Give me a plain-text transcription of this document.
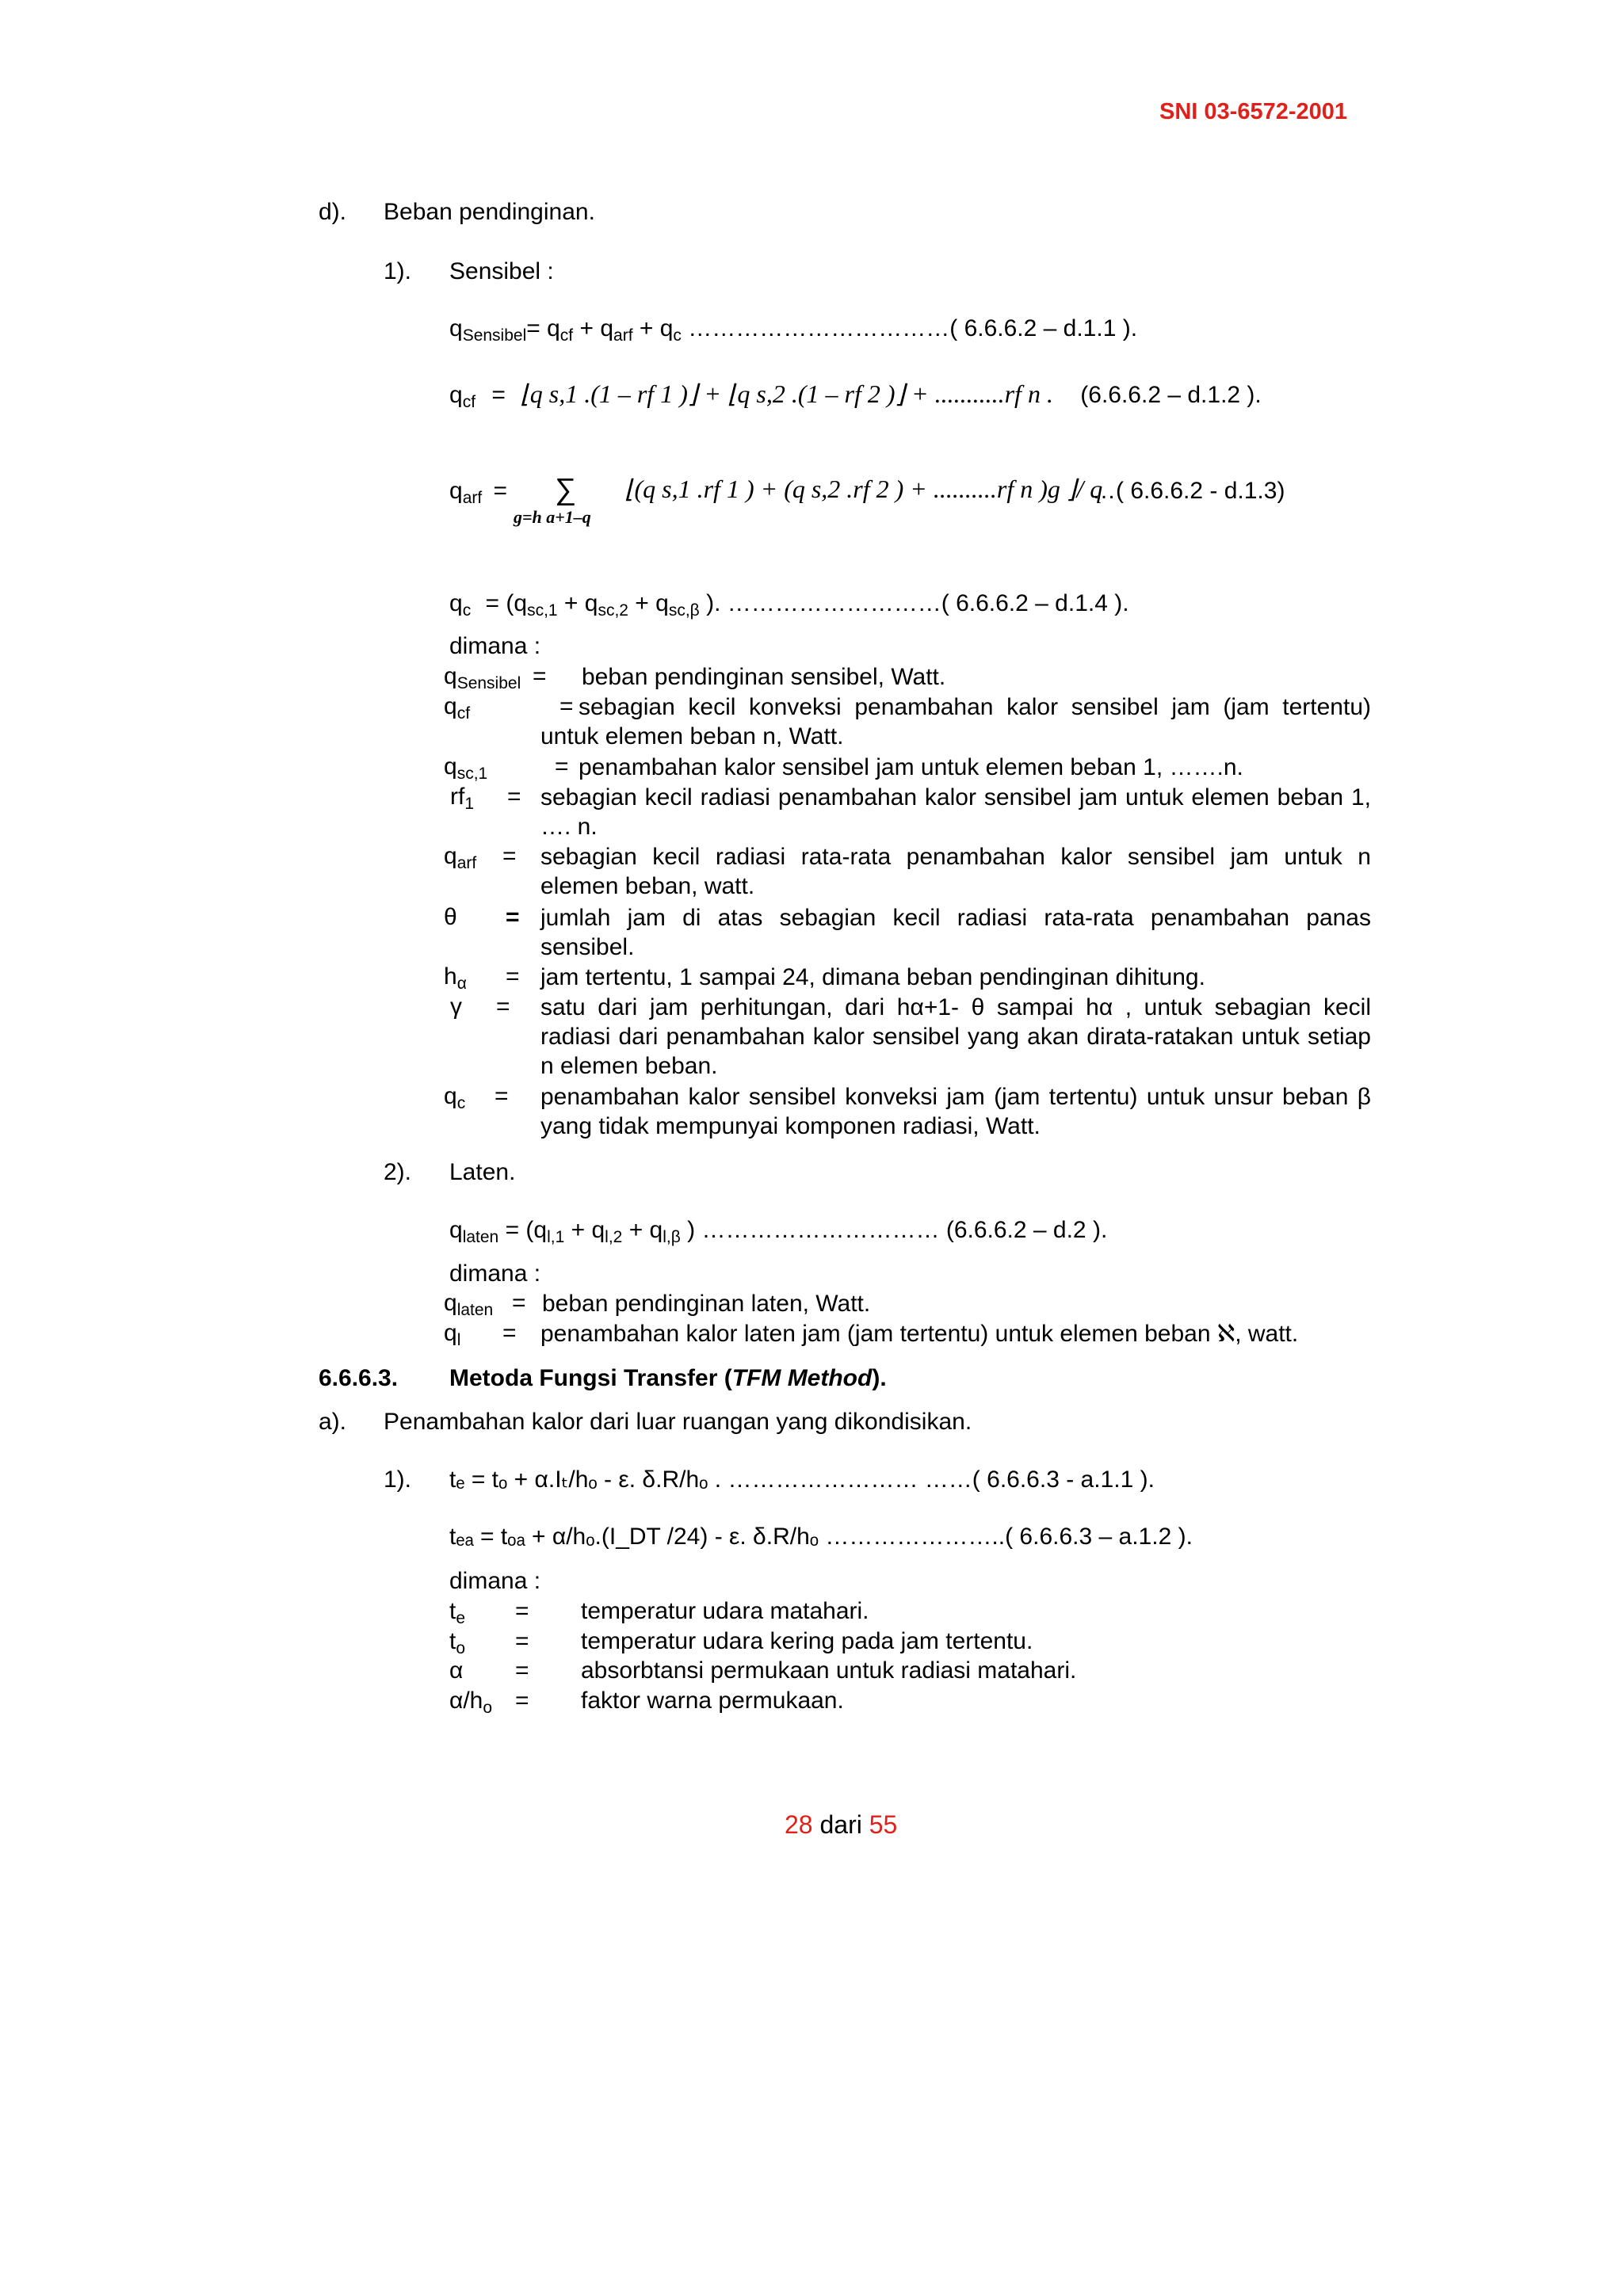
SNI 03-6572-2001
d). Beban pendinginan.
1). Sensibel :
$q_{Sensibel}= q_{cf} + q_{arf} + q_c$ ……………………………( 6.6.6.2 – d.1.1 ).
$q_{cf}$ = ⌊q s,1 .(1 – rf 1 )⌋ + ⌊q s,2 .(1 – rf 2 )⌋ + ...........rf n . (6.6.6.2 – d.1.2 ).
$q_{arf}$ = ∑
g=h a+1–q
⌊(q s,1 .rf 1 ) + (q s,2 .rf 2 ) + ..........rf n )g ⌋/ q
…( 6.6.6.2 - d.1.3)
$q_c = (q_{sc,1} + q_{sc,2} + q_{sc,\beta}$ ). ………………………( 6.6.6.2 – d.1.4 ).
dimana :
$q_{Sensibel}$ = beban pendinginan sensibel, Watt.
$q_{cf}$	= sebagian kecil konveksi penambahan kalor sensibel jam (jam tertentu) untuk elemen beban n, Watt.
$q_{sc,1}$	= penambahan kalor sensibel jam untuk elemen beban 1, …….n.
$rf_1$ = sebagian kecil radiasi penambahan kalor sensibel jam untuk elemen beban 1, …. n.
$q_{arf}$ = sebagian kecil radiasi rata-rata penambahan kalor sensibel jam untuk n elemen beban, watt.
θ = jumlah jam di atas sebagian kecil radiasi rata-rata penambahan panas sensibel.
$h_\alpha$ = jam tertentu, 1 sampai 24, dimana beban pendinginan dihitung.
γ = satu dari jam perhitungan, dari hα+1- θ sampai hα , untuk sebagian kecil radiasi dari penambahan kalor sensibel yang akan dirata-ratakan untuk setiap n elemen beban.
$q_c$ = penambahan kalor sensibel konveksi jam (jam tertentu) untuk unsur beban β yang tidak mempunyai komponen radiasi, Watt.
2). Laten.
$q_{laten} = (q_{l,1} + q_{l,2} + q_{l,\beta}$ ) ………………………… (6.6.6.2 – d.2 ).
dimana :
$q_{laten}$ = beban pendinginan laten, Watt.
$q_l$ = penambahan kalor laten jam (jam tertentu) untuk elemen beban ℵ, watt.
6.6.6.3. Metoda Fungsi Transfer (TFM Method).
a). Penambahan kalor dari luar ruangan yang dikondisikan.
1). tₑ = tₒ + α.Iₜ/hₒ - ε. δ.R/hₒ . …………………… ……( 6.6.6.3 - a.1.1 ).
tₑₐ = tₒₐ + α/hₒ.(I_DT /24) - ε. δ.R/hₒ …………………..( 6.6.6.3 – a.1.2 ).
dimana :
$t_e$ = temperatur udara matahari.
$t_o$ = temperatur udara kering pada jam tertentu.
α = absorbtansi permukaan untuk radiasi matahari.
$\alpha/h_o$ = faktor warna permukaan.
28 dari 55
